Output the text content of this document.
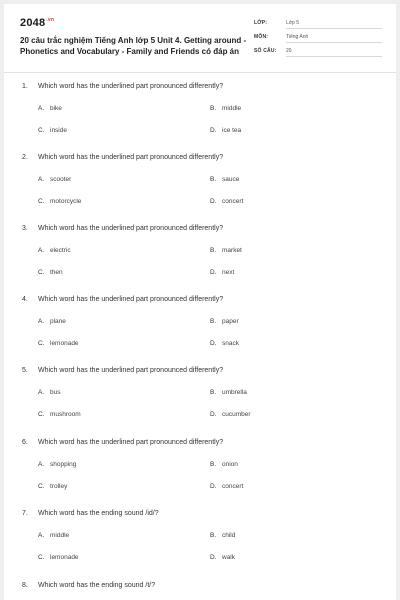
$2048^{.vn}$
20 câu trắc nghiệm Tiếng Anh lớp 5 Unit 4. Getting around - Phonetics and Vocabulary - Family and Friends có đáp án
LỚP:	Lớp 5
MÔN:	Tiếng Anh
SỐ CÂU: 20
1. Which word has the underlined part pronounced differently?
A. bike	B. middle
C. inside	D. ice tea
2. Which word has the underlined part pronounced differently?
A. scooter	B. sauce
C. motorcycle	D. concert
3. Which word has the underlined part pronounced differently?
A. electric	B. market
C. then	D. next
4. Which word has the underlined part pronounced differently?
A. plane	B. paper
C. lemonade	D. snack
5. Which word has the underlined part pronounced differently?
A. bus	B. umbrella
C. mushroom	D. cucumber
6. Which word has the underlined part pronounced differently?
A. shopping	B. onion
C. trolley	D. concert
7. Which word has the ending sound /id/?
A. middle	B. child
C. lemonade	D. walk
8. Which word has the ending sound /t/?
